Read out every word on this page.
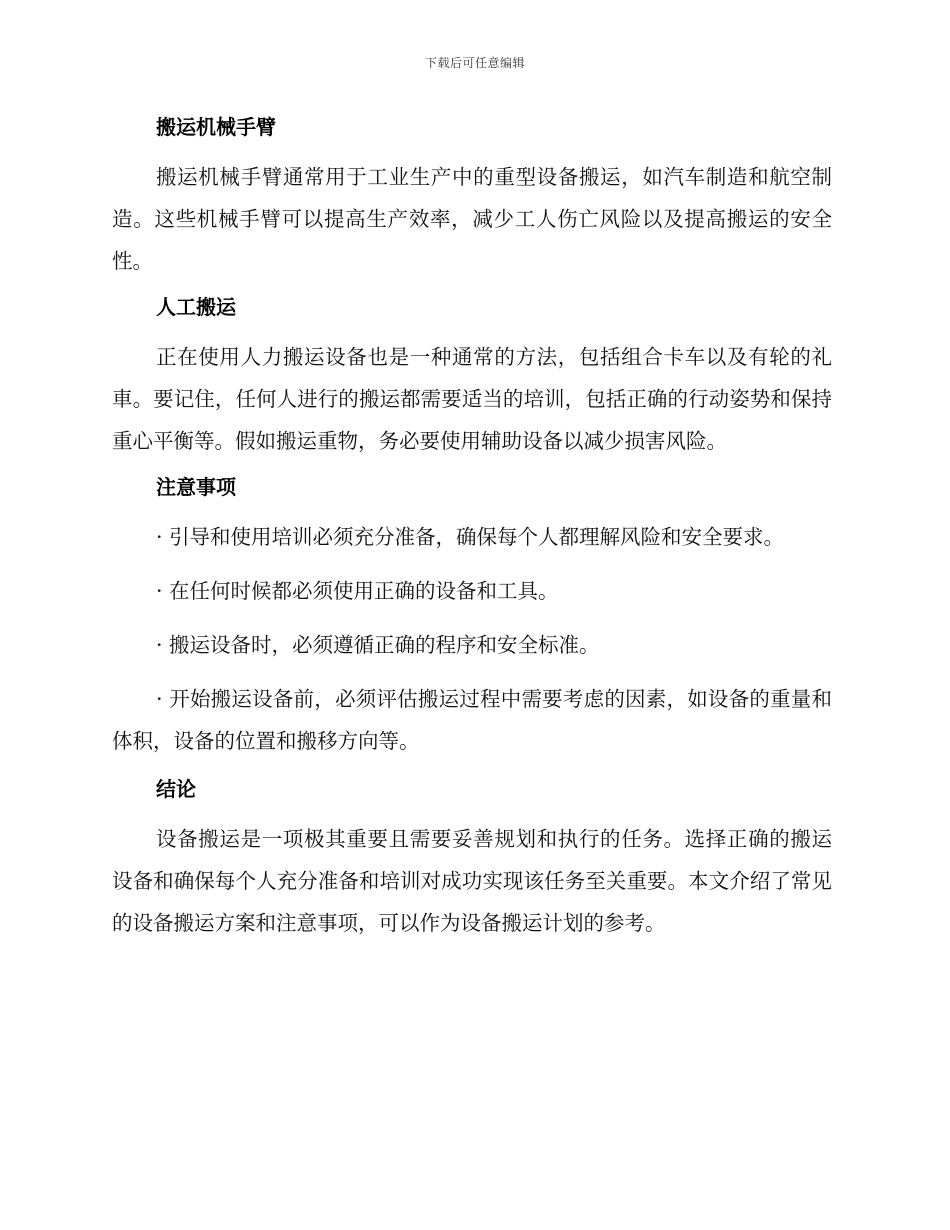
下载后可任意编辑
搬运机械手臂

搬运机械手臂通常用于工业生产中的重型设备搬运，如汽车制造和航空制造。这些机械手臂可以提高生产效率，减少工人伤亡风险以及提高搬运的安全性。

人工搬运

正在使用人力搬运设备也是一种通常的方法，包括组合卡车以及有轮的礼車。要记住，任何人进行的搬运都需要适当的培训，包括正确的行动姿势和保持重心平衡等。假如搬运重物，务必要使用辅助设备以减少损害风险。

注意事项

· 引导和使用培训必须充分准备，确保每个人都理解风险和安全要求。

· 在任何时候都必须使用正确的设备和工具。

· 搬运设备时，必须遵循正确的程序和安全标准。

· 开始搬运设备前，必须评估搬运过程中需要考虑的因素，如设备的重量和体积，设备的位置和搬移方向等。

结论

设备搬运是一项极其重要且需要妥善规划和执行的任务。选择正确的搬运设备和确保每个人充分准备和培训对成功实现该任务至关重要。本文介绍了常见的设备搬运方案和注意事项，可以作为设备搬运计划的参考。
